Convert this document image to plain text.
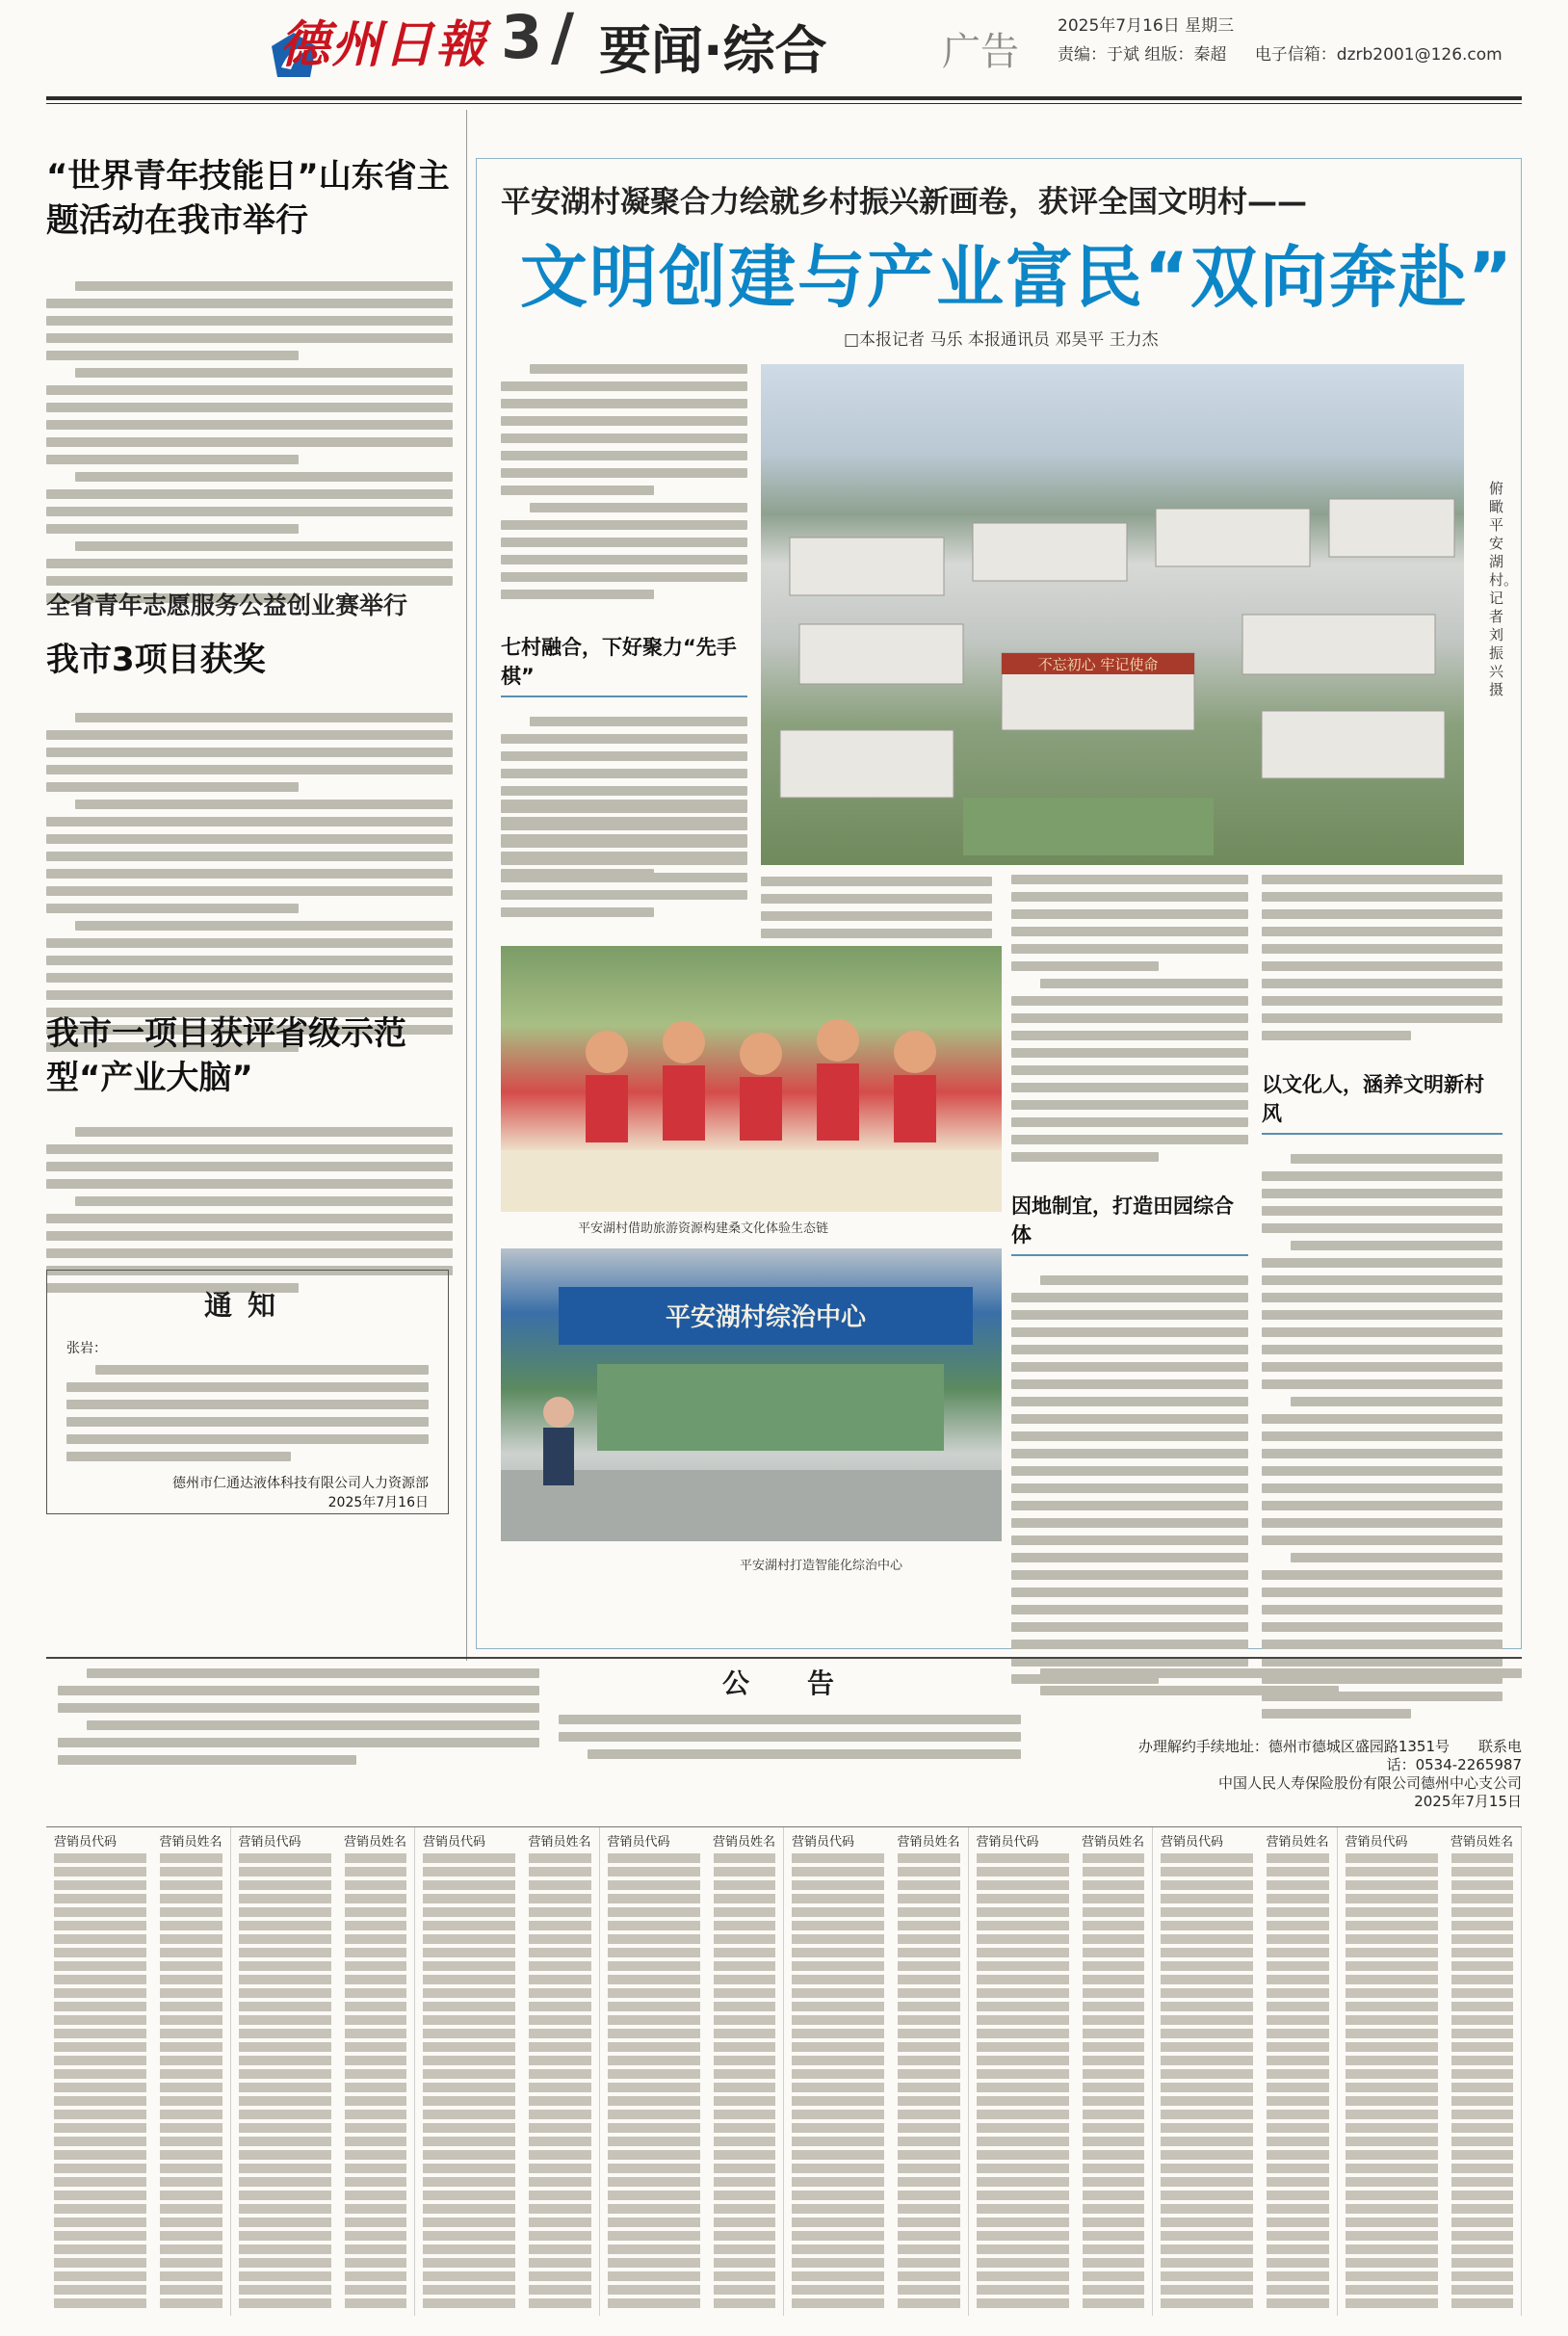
德州日報 3 / 要闻·综合	广告
2025年7月16日 星期三
责编：于斌 组版：秦超 电子信箱：dzrb2001@126.com
“世界青年技能日”山东省主题活动在我市举行
全省青年志愿服务公益创业赛举行
我市3项目获奖
我市一项目获评省级示范型“产业大脑”
通知
张岩：
德州市仁通达液体科技有限公司人力资源部
2025年7月16日
平安湖村凝聚合力绘就乡村振兴新画卷，获评全国文明村——
文明创建与产业富民“双向奔赴”
□本报记者 马乐 本报通讯员 邓昊平 王力杰
七村融合，下好聚力“先手棋”	不忘初心 牢记使命
俯瞰平安湖村。记者刘振兴摄
因地制宜，打造田园综合体
以文化人，涵养文明新村风
平安湖村借助旅游资源构建桑文化体验生态链
平安湖村综治中心
平安湖村打造智能化综治中心
公告
办理解约手续地址：德州市德城区盛园路1351号　　联系电话：0534-2265987
中国人民人寿保险股份有限公司德州中心支公司
2025年7月15日
营销员代码	营销员姓名 营销员代码	营销员姓名 营销员代码	营销员姓名 营销员代码	营销员姓名 营销员代码	营销员姓名 营销员代码	营销员姓名 营销员代码	营销员姓名 营销员代码	营销员姓名
